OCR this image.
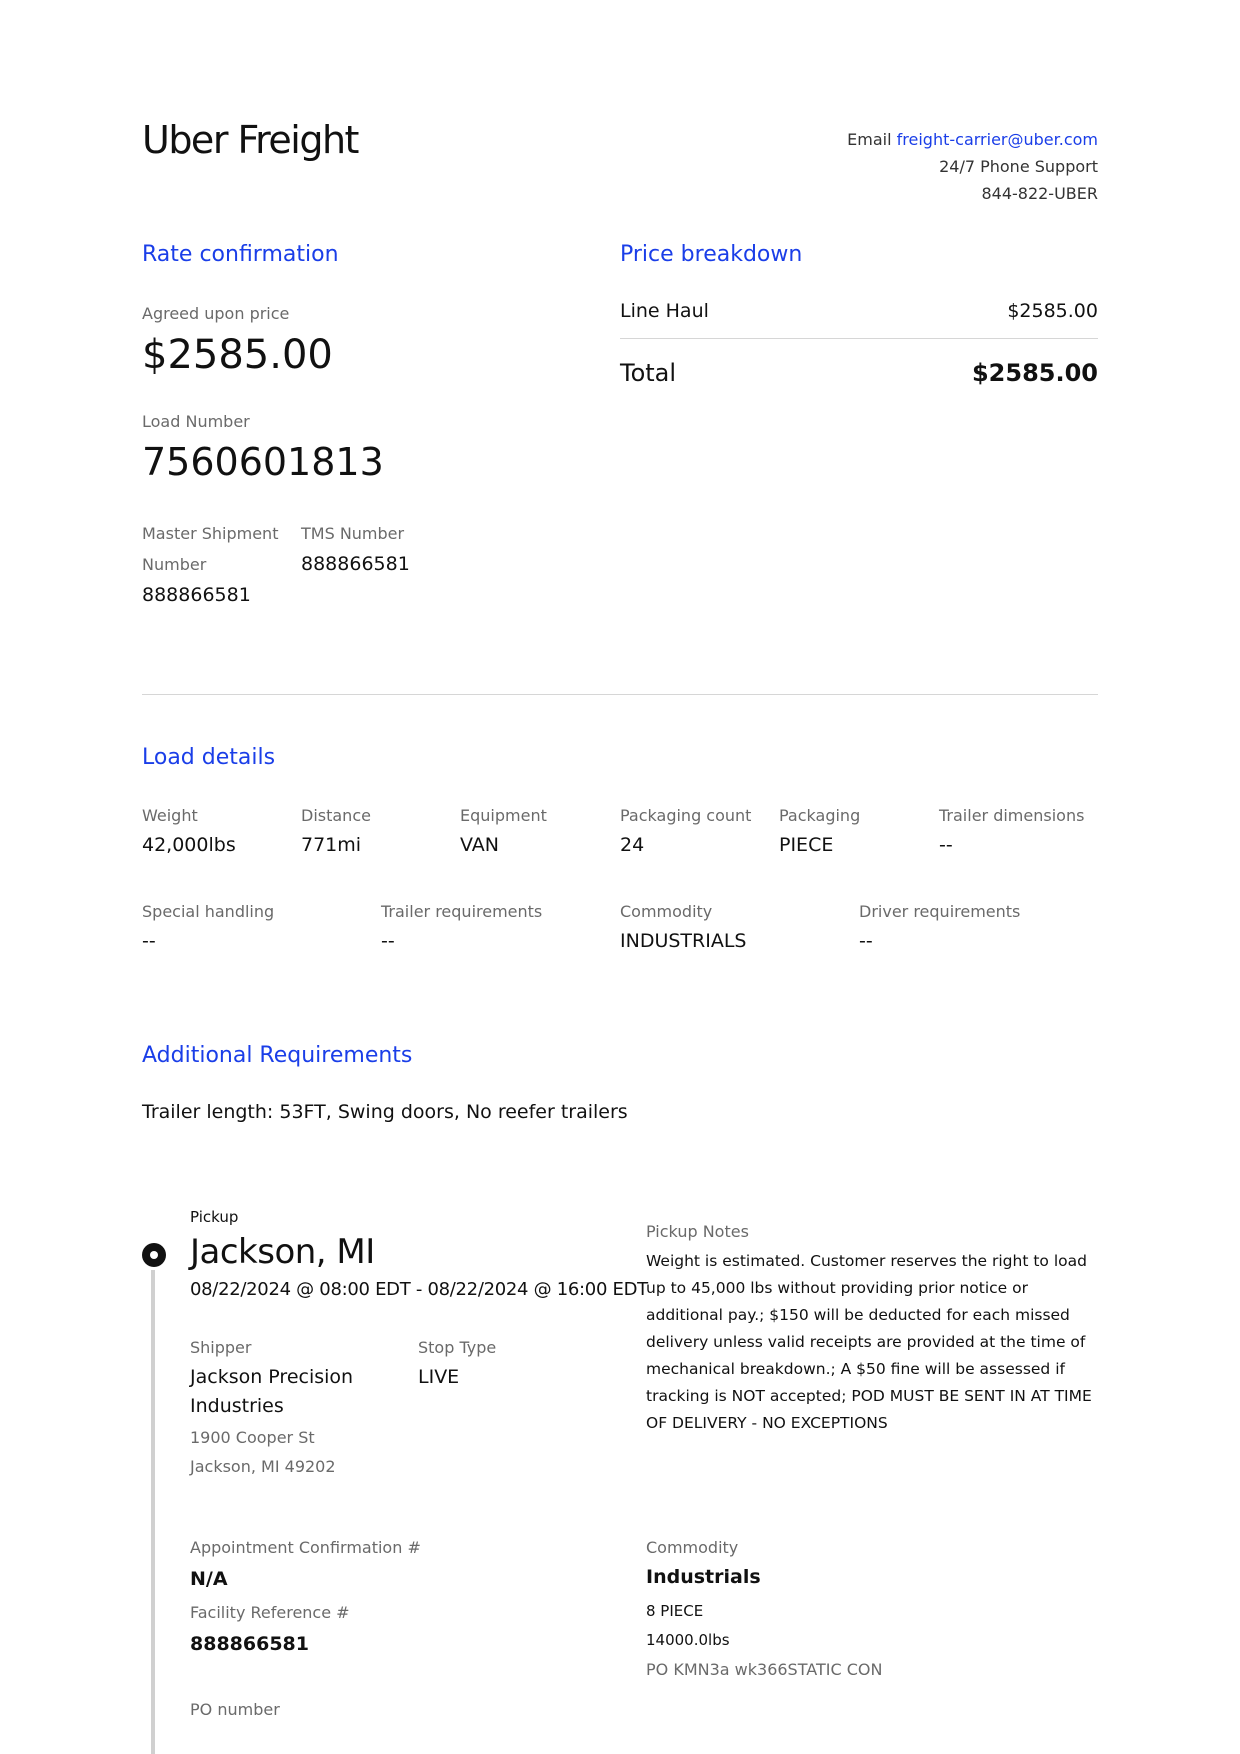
Uber Freight	Email freight-carrier@uber.com
24/7 Phone Support
844-822-UBER
Rate confirmation
Agreed upon price
$2585.00
Load Number
7560601813
Master Shipment
Number
888866581
TMS Number
888866581
Price breakdown
Line Haul	$2585.00
Total	$2585.00
Load details
Weight
42,000lbs
Distance
771mi
Equipment
VAN
Packaging count
24
Packaging
PIECE
Trailer dimensions
--
Special handling
--
Trailer requirements
--
Commodity
INDUSTRIALS
Driver requirements
--
Additional Requirements
Trailer length: 53FT, Swing doors, No reefer trailers
Pickup
Jackson, MI
08/22/2024 @ 08:00 EDT - 08/22/2024 @ 16:00 EDT
Shipper
Jackson Precision
Industries
1900 Cooper St
Jackson, MI 49202
Stop Type
LIVE
Pickup Notes
Weight is estimated. Customer reserves the right to load up to 45,000 lbs without providing prior notice or additional pay.; $150 will be deducted for each missed delivery unless valid receipts are provided at the time of mechanical breakdown.; A $50 fine will be assessed if tracking is NOT accepted; POD MUST BE SENT IN AT TIME OF DELIVERY - NO EXCEPTIONS
Appointment Confirmation #
N/A
Facility Reference #
888866581
PO number
Commodity
Industrials
8 PIECE
14000.0lbs
PO KMN3a wk366STATIC CON
